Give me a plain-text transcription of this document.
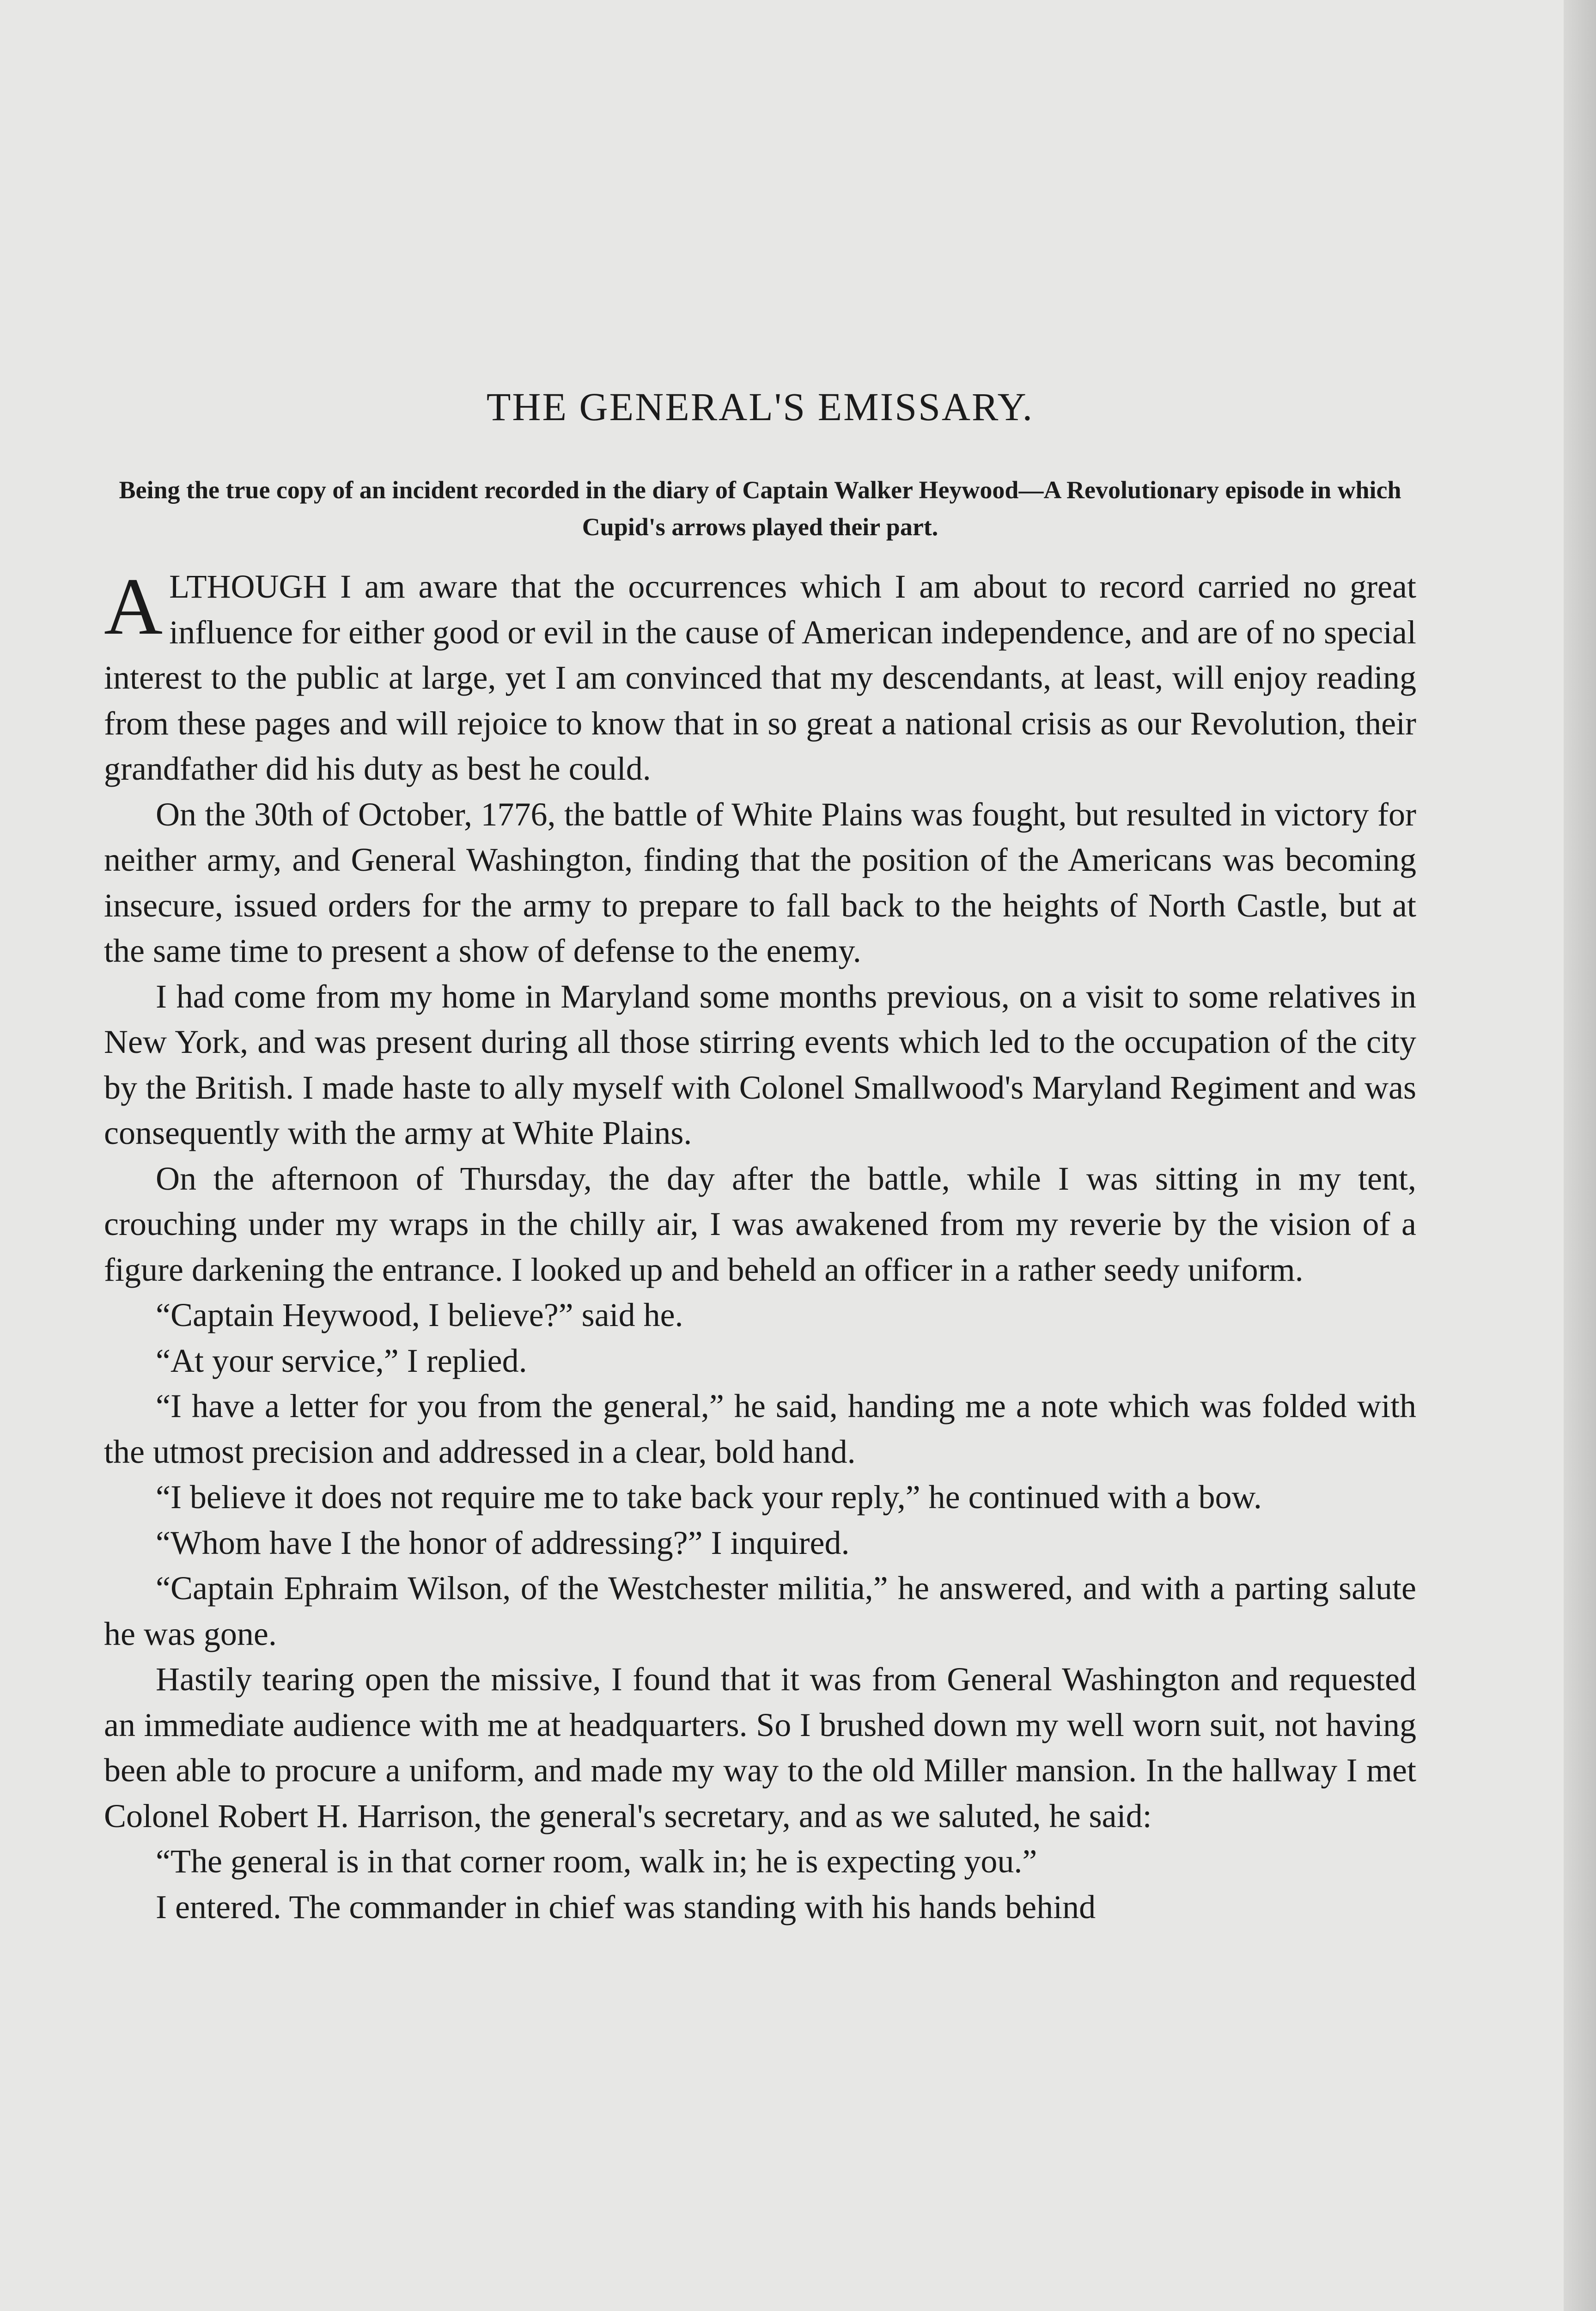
THE GENERAL'S EMISSARY.

Being the true copy of an incident recorded in the diary of Captain Walker Heywood—A Revolutionary episode in which Cupid's arrows played their part.

ALTHOUGH I am aware that the occurrences which I am about to record carried no great influence for either good or evil in the cause of American independence, and are of no special interest to the public at large, yet I am convinced that my descendants, at least, will enjoy reading from these pages and will rejoice to know that in so great a national crisis as our Revolution, their grandfather did his duty as best he could.

On the 30th of October, 1776, the battle of White Plains was fought, but resulted in victory for neither army, and General Washington, finding that the position of the Americans was becoming insecure, issued orders for the army to prepare to fall back to the heights of North Castle, but at the same time to present a show of defense to the enemy.

I had come from my home in Maryland some months previous, on a visit to some relatives in New York, and was present during all those stirring events which led to the occupation of the city by the British. I made haste to ally myself with Colonel Smallwood's Maryland Regiment and was consequently with the army at White Plains.

On the afternoon of Thursday, the day after the battle, while I was sitting in my tent, crouching under my wraps in the chilly air, I was awakened from my reverie by the vision of a figure darkening the entrance. I looked up and beheld an officer in a rather seedy uniform.

“Captain Heywood, I believe?” said he.

“At your service,” I replied.

“I have a letter for you from the general,” he said, handing me a note which was folded with the utmost precision and addressed in a clear, bold hand.

“I believe it does not require me to take back your reply,” he continued with a bow.

“Whom have I the honor of addressing?” I inquired.

“Captain Ephraim Wilson, of the Westchester militia,” he answered, and with a parting salute he was gone.

Hastily tearing open the missive, I found that it was from General Washington and requested an immediate audience with me at headquarters. So I brushed down my well worn suit, not having been able to procure a uniform, and made my way to the old Miller mansion. In the hallway I met Colonel Robert H. Harrison, the general's secretary, and as we saluted, he said:

“The general is in that corner room, walk in; he is expecting you.”

I entered. The commander in chief was standing with his hands behind
